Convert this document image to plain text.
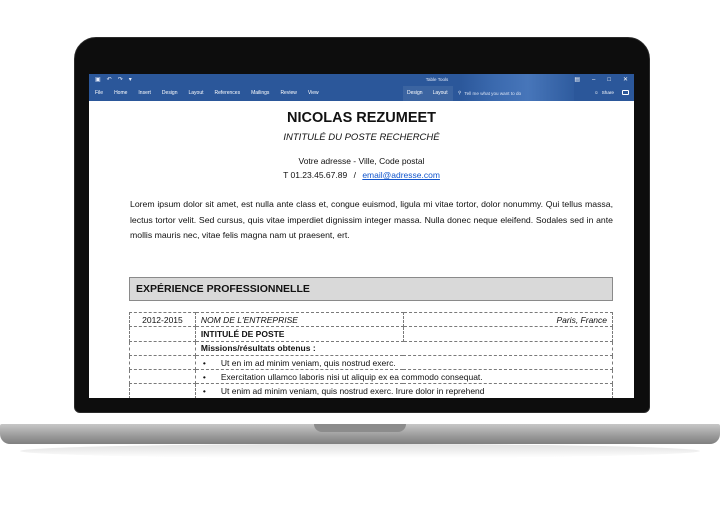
▣ ↶ ↷ ▾	Table Tools	▤ – □ ✕
File Home Insert Design Layout References Mailings Review View	Design Layout ⚲ Tell me what you want to do	☺ Share
NICOLAS REZUMEET
INTITULÉ DU POSTE RECHERCHÉ
Votre adresse - Ville, Code postal
T 01.23.45.67.89 / email@adresse.com
Lorem ipsum dolor sit amet, est nulla ante class et, congue euismod, ligula mi vitae tortor, dolor nonummy. Qui tellus massa, lectus tortor velit. Sed cursus, quis vitae imperdiet dignissim integer massa. Nulla donec neque eleifend. Sodales sed in ante mollis mauris nec, vitae felis magna nam ut praesent, ert.
EXPÉRIENCE PROFESSIONNELLE
2012-2015	NOM DE L'ENTREPRISE	Paris, France
	INTITULÉ DE POSTE	
	Missions/résultats obtenus :	
	• Ut en im ad minim veniam, quis nostrud exerc.
	• Exercitation ullamco laboris nisi ut aliquip ex ea commodo consequat.
	• Ut enim ad minim veniam, quis nostrud exerc. Irure dolor in reprehend
